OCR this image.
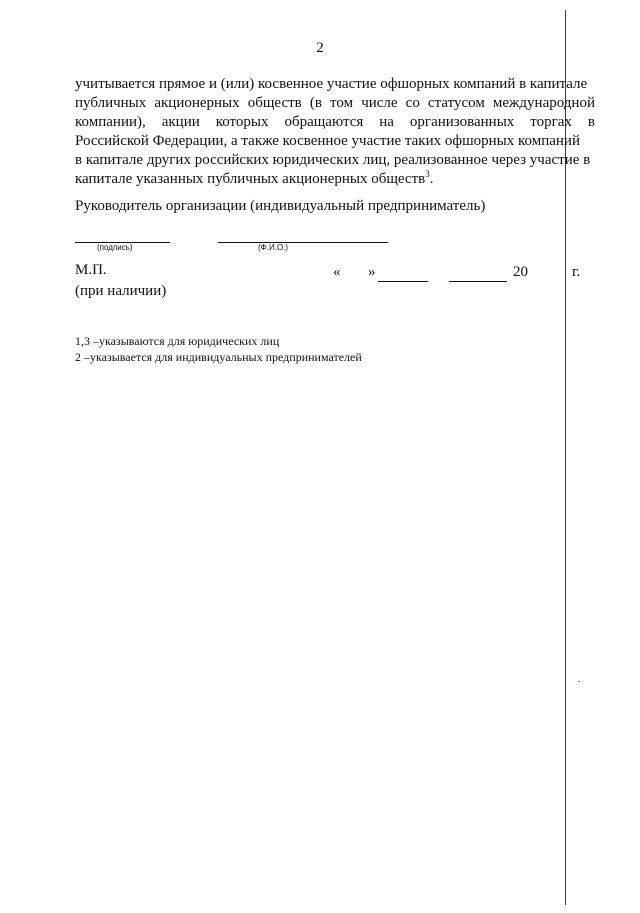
2
учитывается прямое и (или) косвенное участие офшорных компаний в капитале
публичных акционерных обществ (в том числе со статусом международной
компании), акции которых обращаются на организованных торгах в
Российской Федерации, а также косвенное участие таких офшорных компаний
в капитале других российских юридических лиц, реализованное через участие в
капитале указанных публичных акционерных обществ$^3$.
Руководитель организации (индивидуальный предприниматель)
(подпись)	(Ф.И.О.)
М.П.
(при наличии)
« »	20	г.
1,3 –указываются для юридических лиц
2 –указывается для индивидуальных предпринимателей
